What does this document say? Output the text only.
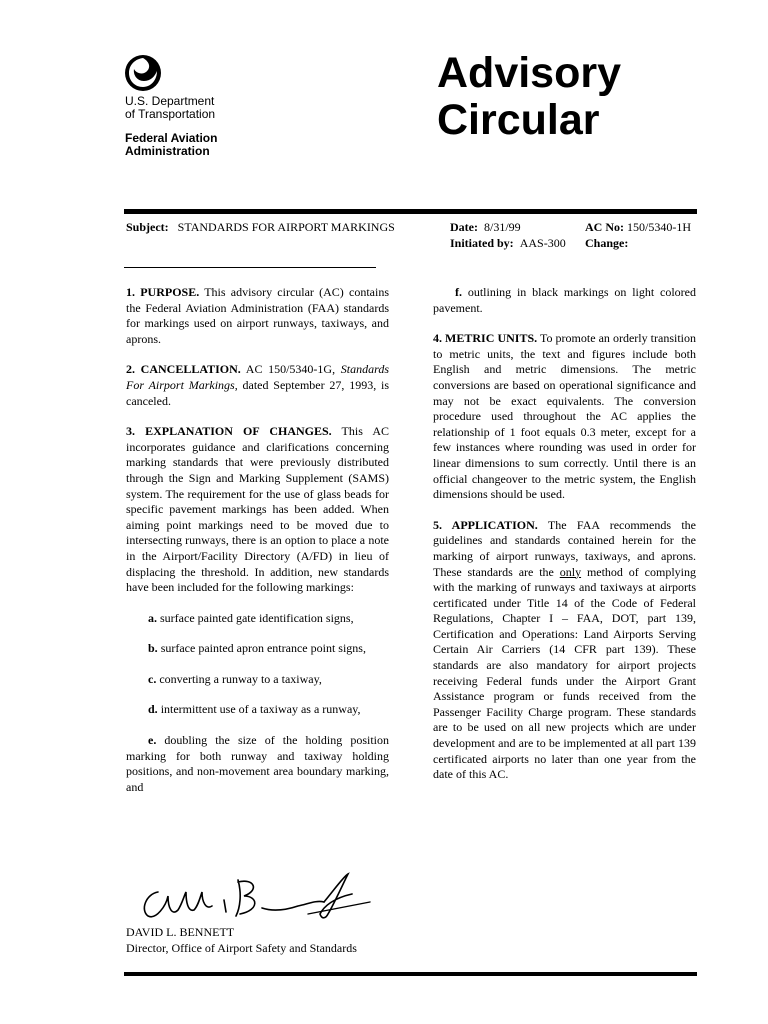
U.S. Department
of Transportation
Federal Aviation
Administration
Advisory
Circular
Subject: STANDARDS FOR AIRPORT MARKINGS	Date: 8/31/99	AC No: 150/5340-1H
Initiated by: AAS-300 Change:

1. PURPOSE. This advisory circular (AC) contains the Federal Aviation Administration (FAA) standards for markings used on airport runways, taxiways, and aprons.

2. CANCELLATION. AC 150/5340-1G, Standards For Airport Markings, dated September 27, 1993, is canceled.

3. EXPLANATION OF CHANGES. This AC incorporates guidance and clarifications concerning marking standards that were previously distributed through the Sign and Marking Supplement (SAMS) system. The requirement for the use of glass beads for specific pavement markings has been added. When aiming point markings need to be moved due to intersecting runways, there is an option to place a note in the Airport/Facility Directory (A/FD) in lieu of displacing the threshold. In addition, new standards have been included for the following markings:

a. surface painted gate identification signs,

b. surface painted apron entrance point signs,

c. converting a runway to a taxiway,

d. intermittent use of a taxiway as a runway,

e. doubling the size of the holding position marking for both runway and taxiway holding positions, and non-movement area boundary marking, and

f. outlining in black markings on light colored pavement.

4. METRIC UNITS. To promote an orderly transition to metric units, the text and figures include both English and metric dimensions. The metric conversions are based on operational significance and may not be exact equivalents. The conversion procedure used throughout the AC applies the relationship of 1 foot equals 0.3 meter, except for a few instances where rounding was used in order for linear dimensions to sum correctly. Until there is an official changeover to the metric system, the English dimensions should be used.

5. APPLICATION. The FAA recommends the guidelines and standards contained herein for the marking of airport runways, taxiways, and aprons. These standards are the only method of complying with the marking of runways and taxiways at airports certificated under Title 14 of the Code of Federal Regulations, Chapter I – FAA, DOT, part 139, Certification and Operations: Land Airports Serving Certain Air Carriers (14 CFR part 139). These standards are also mandatory for airport projects receiving Federal funds under the Airport Grant Assistance program or funds received from the Passenger Facility Charge program. These standards are to be used on all new projects which are under development and are to be implemented at all part 139 certificated airports no later than one year from the date of this AC.

DAVID L. BENNETT
Director, Office of Airport Safety and Standards
